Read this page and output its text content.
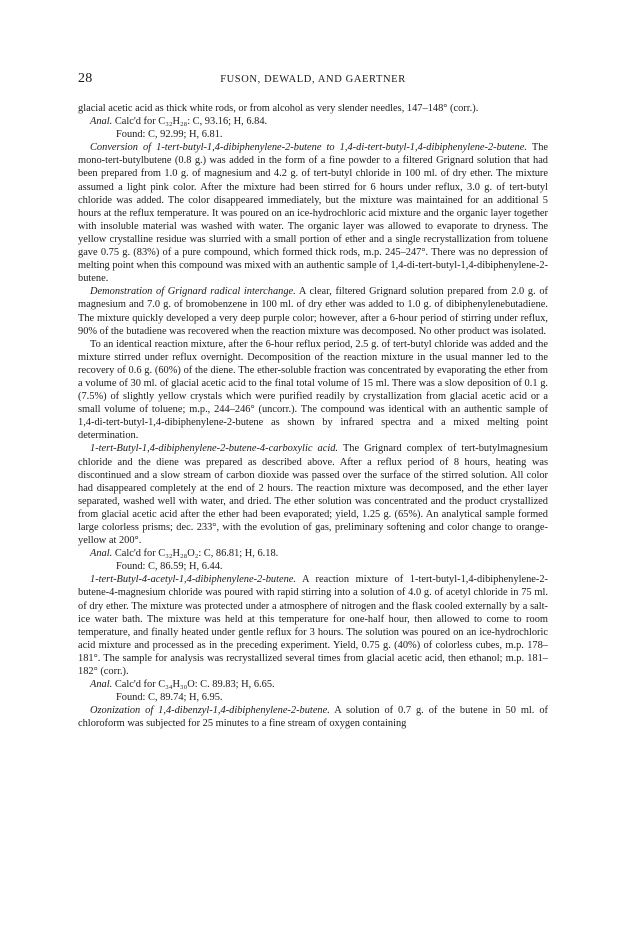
28	FUSON, DEWALD, AND GAERTNER

glacial acetic acid as thick white rods, or from alcohol as very slender needles, 147–148° (corr.).

Anal. Calc'd for C₃₂H₂₈: C, 93.16; H, 6.84.

Found: C, 92.99; H, 6.81.

Conversion of 1-tert-butyl-1,4-dibiphenylene-2-butene to 1,4-di-tert-butyl-1,4-dibiphenylene-2-butene. The mono-tert-butylbutene (0.8 g.) was added in the form of a fine powder to a filtered Grignard solution that had been prepared from 1.0 g. of magnesium and 4.2 g. of tert-butyl chloride in 100 ml. of dry ether. The mixture assumed a light pink color. After the mixture had been stirred for 6 hours under reflux, 3.0 g. of tert-butyl chloride was added. The color disappeared immediately, but the mixture was maintained for an additional 5 hours at the reflux temperature. It was poured on an ice-hydrochloric acid mixture and the organic layer together with insoluble material was washed with water. The organic layer was allowed to evaporate to dryness. The yellow crystalline residue was slurried with a small portion of ether and a single recrystallization from toluene gave 0.75 g. (83%) of a pure compound, which formed thick rods, m.p. 245–247°. There was no depression of melting point when this compound was mixed with an authentic sample of 1,4-di-tert-butyl-1,4-dibiphenylene-2-butene.

Demonstration of Grignard radical interchange. A clear, filtered Grignard solution prepared from 2.0 g. of magnesium and 7.0 g. of bromobenzene in 100 ml. of dry ether was added to 1.0 g. of dibiphenylenebutadiene. The mixture quickly developed a very deep purple color; however, after a 6-hour period of stirring under reflux, 90% of the butadiene was recovered when the reaction mixture was decomposed. No other product was isolated.

To an identical reaction mixture, after the 6-hour reflux period, 2.5 g. of tert-butyl chloride was added and the mixture stirred under reflux overnight. Decomposition of the reaction mixture in the usual manner led to the recovery of 0.6 g. (60%) of the diene. The ether-soluble fraction was concentrated by evaporating the ether from a volume of 30 ml. of glacial acetic acid to the final total volume of 15 ml. There was a slow deposition of 0.1 g. (7.5%) of slightly yellow crystals which were purified readily by crystallization from glacial acetic acid or a small volume of toluene; m.p., 244–246° (uncorr.). The compound was identical with an authentic sample of 1,4-di-tert-butyl-1,4-dibiphenylene-2-butene as shown by infrared spectra and a mixed melting point determination.

1-tert-Butyl-1,4-dibiphenylene-2-butene-4-carboxylic acid. The Grignard complex of tert-butylmagnesium chloride and the diene was prepared as described above. After a reflux period of 8 hours, heating was discontinued and a slow stream of carbon dioxide was passed over the surface of the stirred solution. All color had disappeared completely at the end of 2 hours. The reaction mixture was decomposed, and the ether layer separated, washed well with water, and dried. The ether solution was concentrated and the product crystallized from glacial acetic acid after the ether had been evaporated; yield, 1.25 g. (65%). An analytical sample formed large colorless prisms; dec. 233°, with the evolution of gas, preliminary softening and color change to orange-yellow at 200°.

Anal. Calc'd for C₃₂H₂₈O₂: C, 86.81; H, 6.18.

Found: C, 86.59; H, 6.44.

1-tert-Butyl-4-acetyl-1,4-dibiphenylene-2-butene. A reaction mixture of 1-tert-butyl-1,4-dibiphenylene-2-butene-4-magnesium chloride was poured with rapid stirring into a solution of 4.0 g. of acetyl chloride in 75 ml. of dry ether. The mixture was protected under a atmosphere of nitrogen and the flask cooled externally by a salt-ice water bath. The mixture was held at this temperature for one-half hour, then allowed to come to room temperature, and finally heated under gentle reflux for 3 hours. The solution was poured on an ice-hydrochloric acid mixture and processed as in the preceding experiment. Yield, 0.75 g. (40%) of colorless cubes, m.p. 178–181°. The sample for analysis was recrystallized several times from glacial acetic acid, then ethanol; m.p. 181–182° (corr.).

Anal. Calc'd for C₃₄H₃₀O: C. 89.83; H, 6.65.

Found: C, 89.74; H, 6.95.

Ozonization of 1,4-dibenzyl-1,4-dibiphenylene-2-butene. A solution of 0.7 g. of the butene in 50 ml. of chloroform was subjected for 25 minutes to a fine stream of oxygen containing
